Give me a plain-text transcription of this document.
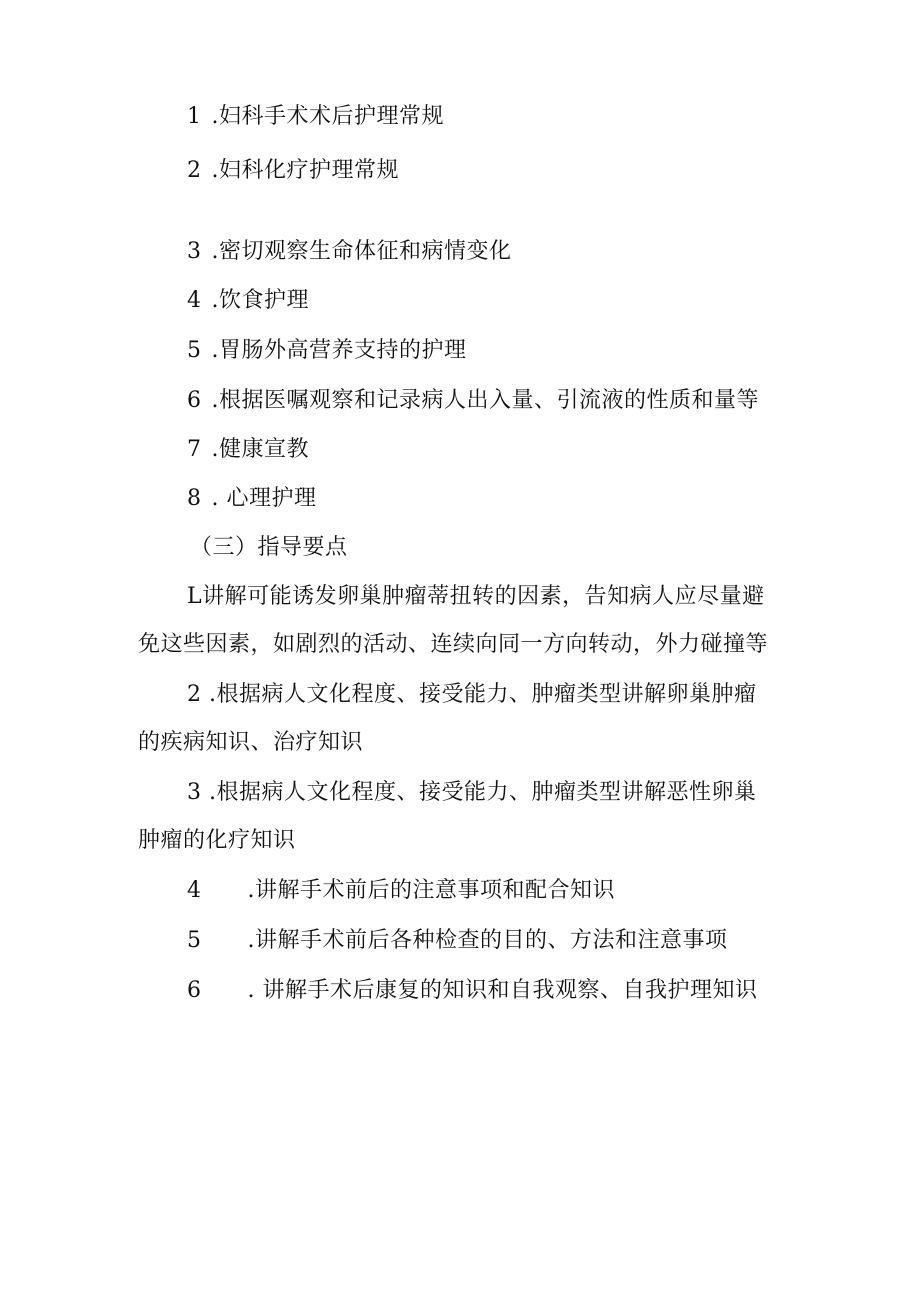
1 .妇科手术术后护理常规
2 .妇科化疗护理常规
3 .密切观察生命体征和病情变化
4 .饮食护理
5 .胃肠外高营养支持的护理
6 .根据医嘱观察和记录病人出入量、引流液的性质和量等
7 .健康宣教
8 . 心理护理
（三）指导要点
L讲解可能诱发卵巢肿瘤蒂扭转的因素，告知病人应尽量避
免这些因素，如剧烈的活动、连续向同一方向转动，外力碰撞等
2 .根据病人文化程度、接受能力、肿瘤类型讲解卵巢肿瘤
的疾病知识、治疗知识
3 .根据病人文化程度、接受能力、肿瘤类型讲解恶性卵巢
肿瘤的化疗知识
4 .讲解手术前后的注意事项和配合知识
5 .讲解手术前后各种检查的目的、方法和注意事项
6 . 讲解手术后康复的知识和自我观察、自我护理知识
